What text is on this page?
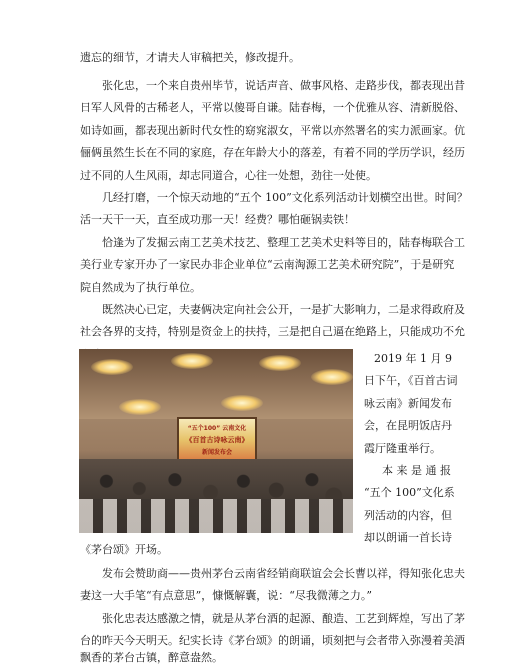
遗忘的细节，才请夫人审稿把关，修改提升。
张化忠，一个来自贵州毕节，说话声音、做事风格、走路步伐，都表现出昔
日军人风骨的古稀老人，平常以傻哥自谦。陆春梅，一个优雅从容、清新脱俗、
如诗如画，都表现出新时代女性的窈窕淑女，平常以亦然署名的实力派画家。伉
俪俩虽然生长在不同的家庭，存在年龄大小的落差，有着不同的学历学识，经历
过不同的人生风雨，却志同道合，心往一处想，劲往一处使。
几经打磨，一个惊天动地的“五个 100”文化系列活动计划横空出世。时间？
活一天干一天，直至成功那一天！经费？哪怕砸锅卖铁！
恰逢为了发掘云南工艺美术技艺、整理工艺美术史料等目的，陆春梅联合工
美行业专家开办了一家民办非企业单位“云南淘源工艺美术研究院”，于是研究
院自然成为了执行单位。
既然决心已定，夫妻俩决定向社会公开，一是扩大影响力，二是求得政府及
社会各界的支持，特别是资金上的扶持，三是把自己逼在绝路上，只能成功不允
“五个100” 云南文化
《百首古诗咏云南》
新闻发布会
2019 年 1 月 9
日下午，《百首古词
咏云南》新闻发布
会，在昆明饭店丹
霞厅隆重举行。
本 来 是 通 报
“五个 100”文化系
列活动的内容，但
却以朗诵一首长诗
《茅台颂》开场。
发布会赞助商——贵州茅台云南省经销商联谊会会长曹以祥，得知张化忠夫
妻这一大手笔“有点意思”，慷慨解囊，说：“尽我微薄之力。”
张化忠表达感激之情，就是从茅台酒的起源、酿造、工艺到辉煌，写出了茅
台的昨天今天明天。纪实长诗《茅台颂》的朗诵，顷刻把与会者带入弥漫着美酒
飘香的茅台古镇，醉意盎然。
